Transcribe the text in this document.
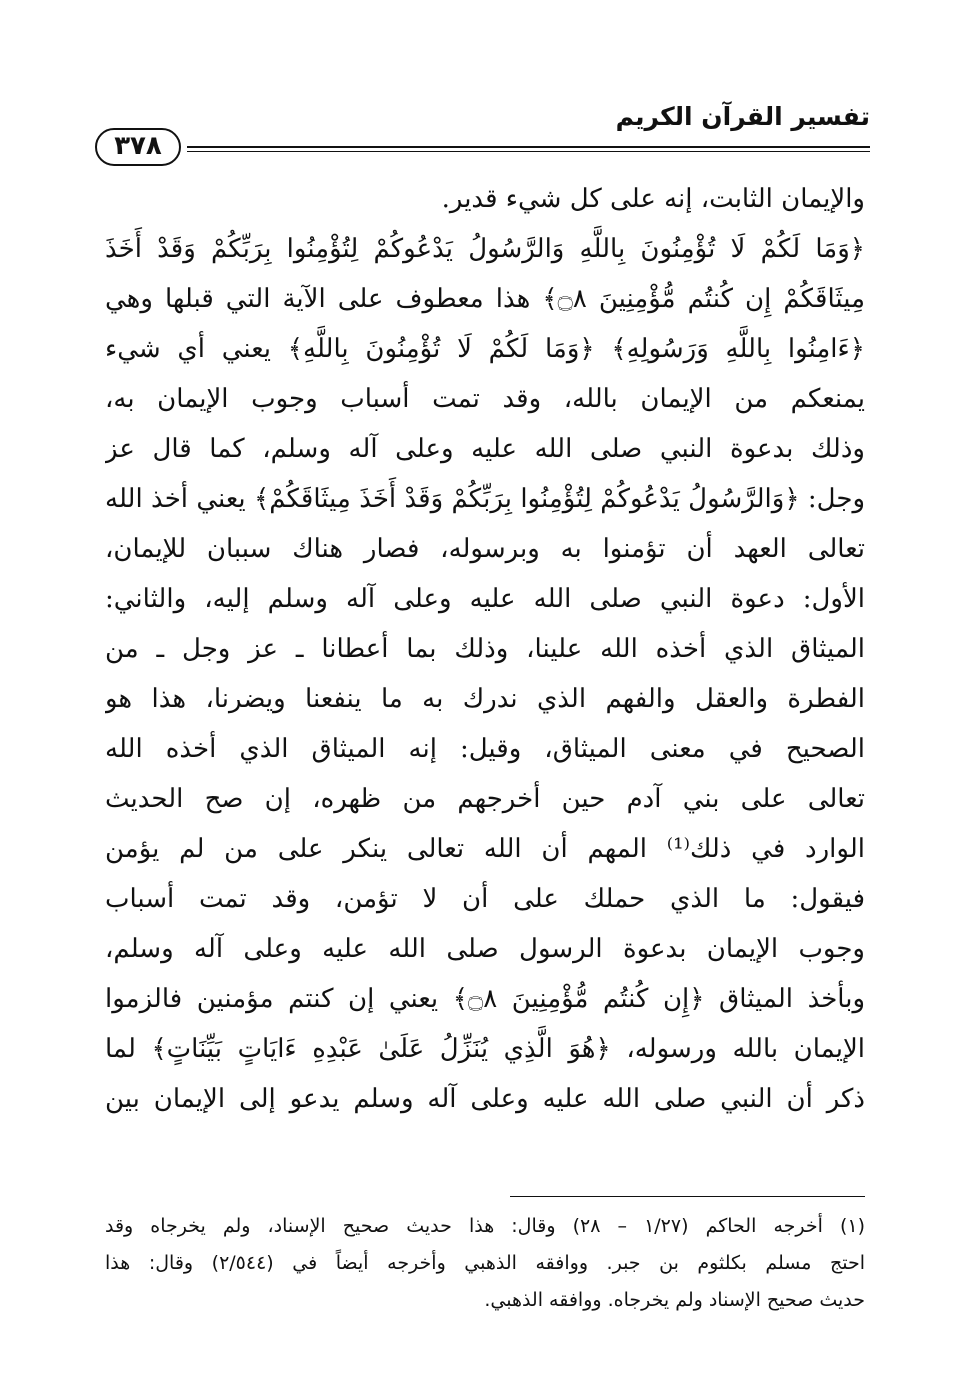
تفسير القرآن الكريم
٣٧٨
والإيمان الثابت، إنه على كل شيء قدير.
﴿وَمَا لَكُمْ لَا تُؤْمِنُونَ بِاللَّهِ وَالرَّسُولُ يَدْعُوكُمْ لِتُؤْمِنُوا بِرَبِّكُمْ وَقَدْ أَخَذَ
مِيثَاقَكُمْ إِن كُنتُم مُّؤْمِنِينَ ۝٨﴾ هذا معطوف على الآية التي قبلها وهي
﴿ءَامِنُوا بِاللَّهِ وَرَسُولِهِ﴾ ﴿وَمَا لَكُمْ لَا تُؤْمِنُونَ بِاللَّهِ﴾ يعني أي شيء
يمنعكم من الإيمان بالله، وقد تمت أسباب وجوب الإيمان به،
وذلك بدعوة النبي صلى الله عليه وعلى آله وسلم، كما قال عز
وجل: ﴿وَالرَّسُولُ يَدْعُوكُمْ لِتُؤْمِنُوا بِرَبِّكُمْ وَقَدْ أَخَذَ مِيثَاقَكُمْ﴾ يعني أخذ الله
تعالى العهد أن تؤمنوا به وبرسوله، فصار هناك سببان للإيمان،
الأول: دعوة النبي صلى الله عليه وعلى آله وسلم إليه، والثاني:
الميثاق الذي أخذه الله علينا، وذلك بما أعطانا ـ عز وجل ـ من
الفطرة والعقل والفهم الذي ندرك به ما ينفعنا ويضرنا، هذا هو
الصحيح في معنى الميثاق، وقيل: إنه الميثاق الذي أخذه الله
تعالى على بني آدم حين أخرجهم من ظهره، إن صح الحديث
الوارد في ذلك⁽¹⁾ المهم أن الله تعالى ينكر على من لم يؤمن
فيقول: ما الذي حملك على أن لا تؤمن، وقد تمت أسباب
وجوب الإيمان بدعوة الرسول صلى الله عليه وعلى آله وسلم،
وبأخذ الميثاق ﴿إِن كُنتُم مُّؤْمِنِينَ ۝٨﴾ يعني إن كنتم مؤمنين فالزموا
الإيمان بالله ورسوله، ﴿هُوَ الَّذِي يُنَزِّلُ عَلَىٰ عَبْدِهِ ءَايَاتٍ بَيِّنَاتٍ﴾ لما
ذكر أن النبي صلى الله عليه وعلى آله وسلم يدعو إلى الإيمان بين
(١) أخرجه الحاكم (١/٢٧ – ٢٨) وقال: هذا حديث صحيح الإسناد، ولم يخرجاه وقد
احتج مسلم بكلثوم بن جبر. ووافقه الذهبي وأخرجه أيضاً في (٢/٥٤٤) وقال: هذا
حديث صحيح الإسناد ولم يخرجاه. ووافقه الذهبي.
